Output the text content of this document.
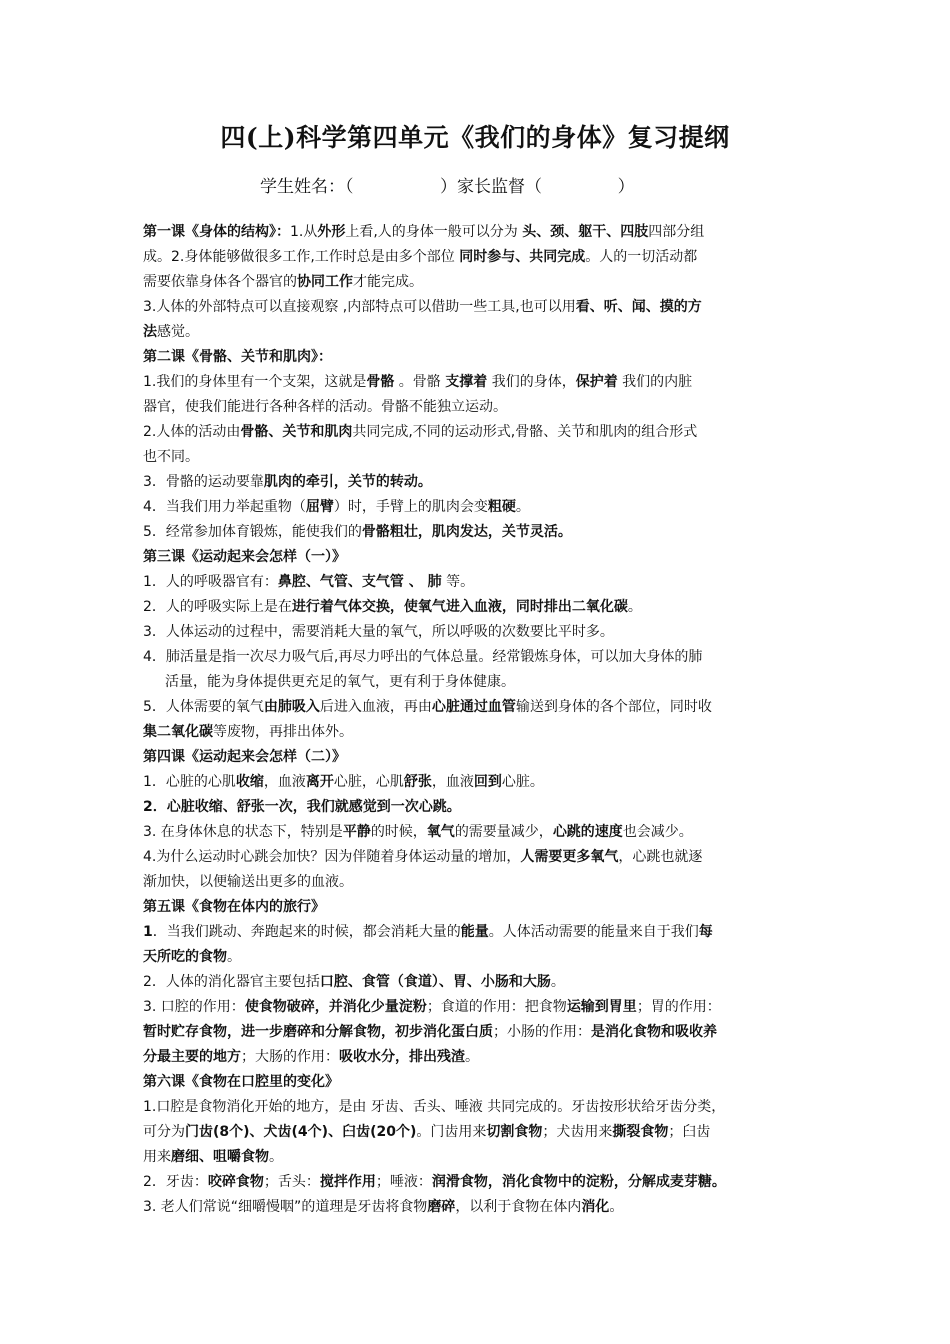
四(上)科学第四单元《我们的身体》复习提纲
学生姓名：（                ）家长监督（              ）
第一课《身体的结构》：1.从外形上看,人的身体一般可以分为 头、颈、躯干、四肢四部分组
成。2.身体能够做很多工作,工作时总是由多个部位 同时参与、共同完成。人的一切活动都
需要依靠身体各个器官的协同工作才能完成。
3.人体的外部特点可以直接观察 ,内部特点可以借助一些工具,也可以用看、听、闻、摸的方
法感觉。
第二课《骨骼、关节和肌肉》：
1.我们的身体里有一个支架，这就是骨骼 。骨骼 支撑着 我们的身体，保护着 我们的内脏
器官，使我们能进行各种各样的活动。骨骼不能独立运动。
2.人体的活动由骨骼、关节和肌肉共同完成,不同的运动形式,骨骼、关节和肌肉的组合形式
也不同。
3．骨骼的运动要靠肌肉的牵引，关节的转动。
4．当我们用力举起重物（屈臂）时，手臂上的肌肉会变粗硬。
5．经常参加体育锻炼，能使我们的骨骼粗壮，肌肉发达，关节灵活。
第三课《运动起来会怎样（一）》
1．人的呼吸器官有：鼻腔、气管、支气管 、 肺 等。
2．人的呼吸实际上是在进行着气体交换，使氧气进入血液，同时排出二氧化碳。
3．人体运动的过程中，需要消耗大量的氧气，所以呼吸的次数要比平时多。
4．肺活量是指一次尽力吸气后,再尽力呼出的气体总量。经常锻炼身体，可以加大身体的肺
活量，能为身体提供更充足的氧气，更有利于身体健康。
5．人体需要的氧气由肺吸入后进入血液，再由心脏通过血管输送到身体的各个部位，同时收
集二氧化碳等废物，再排出体外。
第四课《运动起来会怎样（二）》
1．心脏的心肌收缩，血液离开心脏，心肌舒张，血液回到心脏。
2．心脏收缩、舒张一次，我们就感觉到一次心跳。
3. 在身体休息的状态下，特别是平静的时候，氧气的需要量减少，心跳的速度也会减少。
4.为什么运动时心跳会加快？因为伴随着身体运动量的增加，人需要更多氧气，心跳也就逐
渐加快，以便输送出更多的血液。
第五课《食物在体内的旅行》
1．当我们跳动、奔跑起来的时候，都会消耗大量的能量。人体活动需要的能量来自于我们每
天所吃的食物。
2．人体的消化器官主要包括口腔、食管（食道）、胃、小肠和大肠。
3. 口腔的作用：使食物破碎，并消化少量淀粉；食道的作用：把食物运输到胃里；胃的作用：
暂时贮存食物，进一步磨碎和分解食物，初步消化蛋白质；小肠的作用：是消化食物和吸收养
分最主要的地方；大肠的作用：吸收水分，排出残渣。
第六课《食物在口腔里的变化》
1.口腔是食物消化开始的地方，是由 牙齿、舌头、唾液 共同完成的。牙齿按形状给牙齿分类，
可分为门齿(8个)、犬齿(4个)、臼齿(20个)。门齿用来切割食物；犬齿用来撕裂食物；臼齿
用来磨细、咀嚼食物。
2．牙齿：咬碎食物；舌头：搅拌作用；唾液：润滑食物，消化食物中的淀粉，分解成麦芽糖。
3. 老人们常说“细嚼慢咽”的道理是牙齿将食物磨碎，以利于食物在体内消化。
